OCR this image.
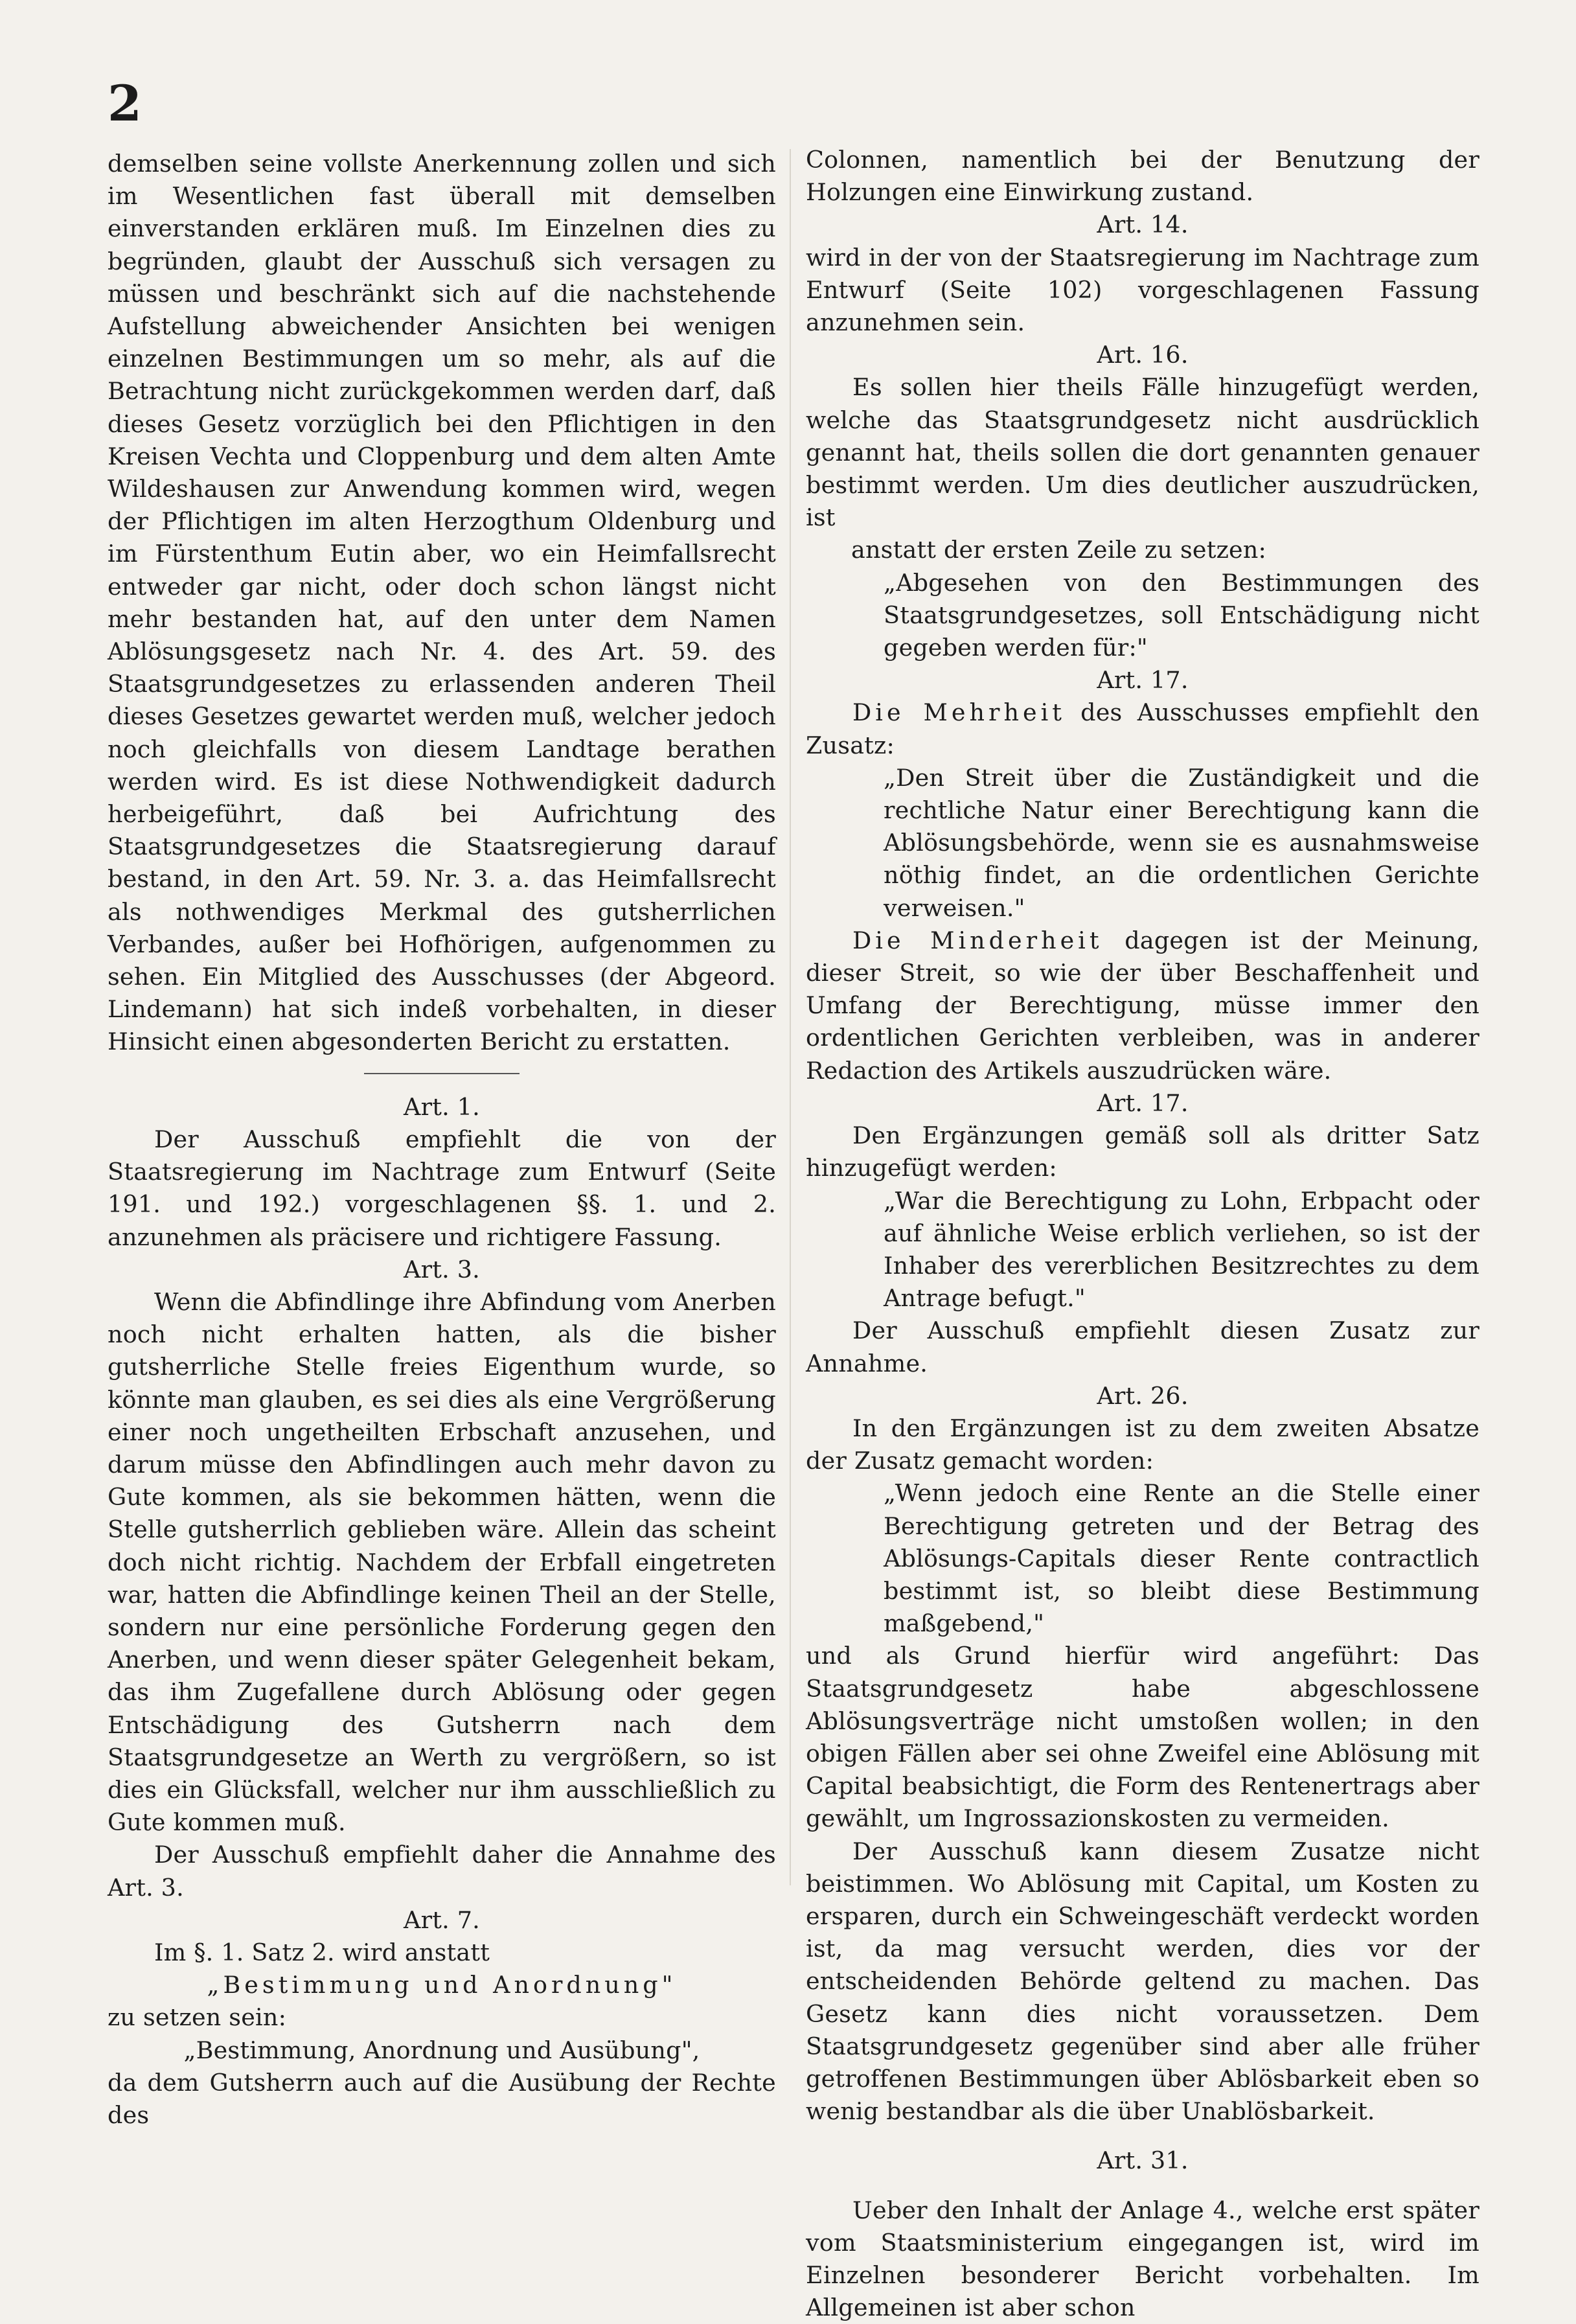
2

demselben seine vollste Anerkennung zollen und sich im Wesentlichen fast überall mit demselben einverstanden erklären muß. Im Einzelnen dies zu begründen, glaubt der Ausschuß sich versagen zu müssen und beschränkt sich auf die nachstehende Aufstellung abweichender Ansichten bei wenigen einzelnen Bestimmungen um so mehr, als auf die Betrachtung nicht zurückgekommen werden darf, daß dieses Gesetz vorzüglich bei den Pflichtigen in den Kreisen Vechta und Cloppenburg und dem alten Amte Wildeshausen zur Anwendung kommen wird, wegen der Pflichtigen im alten Herzogthum Oldenburg und im Fürstenthum Eutin aber, wo ein Heimfallsrecht entweder gar nicht, oder doch schon längst nicht mehr bestanden hat, auf den unter dem Namen Ablösungsgesetz nach Nr. 4. des Art. 59. des Staatsgrundgesetzes zu erlassenden anderen Theil dieses Gesetzes gewartet werden muß, welcher jedoch noch gleichfalls von diesem Landtage berathen werden wird. Es ist diese Nothwendigkeit dadurch herbeigeführt, daß bei Aufrichtung des Staatsgrundgesetzes die Staatsregierung darauf bestand, in den Art. 59. Nr. 3. a. das Heimfallsrecht als nothwendiges Merkmal des gutsherrlichen Verbandes, außer bei Hofhörigen, aufgenommen zu sehen. Ein Mitglied des Ausschusses (der Abgeord. Lindemann) hat sich indeß vorbehalten, in dieser Hinsicht einen abgesonderten Bericht zu erstatten.

Art. 1.

Der Ausschuß empfiehlt die von der Staatsregierung im Nachtrage zum Entwurf (Seite 191. und 192.) vorgeschlagenen §§. 1. und 2. anzunehmen als präcisere und richtigere Fassung.

Art. 3.

Wenn die Abfindlinge ihre Abfindung vom Anerben noch nicht erhalten hatten, als die bisher gutsherrliche Stelle freies Eigenthum wurde, so könnte man glauben, es sei dies als eine Vergrößerung einer noch ungetheilten Erbschaft anzusehen, und darum müsse den Abfindlingen auch mehr davon zu Gute kommen, als sie bekommen hätten, wenn die Stelle gutsherrlich geblieben wäre. Allein das scheint doch nicht richtig. Nachdem der Erbfall eingetreten war, hatten die Abfindlinge keinen Theil an der Stelle, sondern nur eine persönliche Forderung gegen den Anerben, und wenn dieser später Gelegenheit bekam, das ihm Zugefallene durch Ablösung oder gegen Entschädigung des Gutsherrn nach dem Staatsgrundgesetze an Werth zu vergrößern, so ist dies ein Glücksfall, welcher nur ihm ausschließlich zu Gute kommen muß.

Der Ausschuß empfiehlt daher die Annahme des Art. 3.

Art. 7.

Im §. 1. Satz 2. wird anstatt

„Bestimmung und Anordnung"

zu setzen sein:

„Bestimmung, Anordnung und Ausübung",

da dem Gutsherrn auch auf die Ausübung der Rechte des

Colonnen, namentlich bei der Benutzung der Holzungen eine Einwirkung zustand.

Art. 14.

wird in der von der Staatsregierung im Nachtrage zum Entwurf (Seite 102) vorgeschlagenen Fassung anzunehmen sein.

Art. 16.

Es sollen hier theils Fälle hinzugefügt werden, welche das Staatsgrundgesetz nicht ausdrücklich genannt hat, theils sollen die dort genannten genauer bestimmt werden. Um dies deutlicher auszudrücken, ist

anstatt der ersten Zeile zu setzen:

„Abgesehen von den Bestimmungen des Staatsgrundgesetzes, soll Entschädigung nicht gegeben werden für:"

Art. 17.

Die Mehrheit des Ausschusses empfiehlt den Zusatz:

„Den Streit über die Zuständigkeit und die rechtliche Natur einer Berechtigung kann die Ablösungsbehörde, wenn sie es ausnahmsweise nöthig findet, an die ordentlichen Gerichte verweisen."

Die Minderheit dagegen ist der Meinung, dieser Streit, so wie der über Beschaffenheit und Umfang der Berechtigung, müsse immer den ordentlichen Gerichten verbleiben, was in anderer Redaction des Artikels auszudrücken wäre.

Art. 17.

Den Ergänzungen gemäß soll als dritter Satz hinzugefügt werden:

„War die Berechtigung zu Lohn, Erbpacht oder auf ähnliche Weise erblich verliehen, so ist der Inhaber des vererblichen Besitzrechtes zu dem Antrage befugt."

Der Ausschuß empfiehlt diesen Zusatz zur Annahme.

Art. 26.

In den Ergänzungen ist zu dem zweiten Absatze der Zusatz gemacht worden:

„Wenn jedoch eine Rente an die Stelle einer Berechtigung getreten und der Betrag des Ablösungs-Capitals dieser Rente contractlich bestimmt ist, so bleibt diese Bestimmung maßgebend,"

und als Grund hierfür wird angeführt: Das Staatsgrundgesetz habe abgeschlossene Ablösungsverträge nicht umstoßen wollen; in den obigen Fällen aber sei ohne Zweifel eine Ablösung mit Capital beabsichtigt, die Form des Rentenertrags aber gewählt, um Ingrossazionskosten zu vermeiden.

Der Ausschuß kann diesem Zusatze nicht beistimmen. Wo Ablösung mit Capital, um Kosten zu ersparen, durch ein Schweingeschäft verdeckt worden ist, da mag versucht werden, dies vor der entscheidenden Behörde geltend zu machen. Das Gesetz kann dies nicht voraussetzen. Dem Staatsgrundgesetz gegenüber sind aber alle früher getroffenen Bestimmungen über Ablösbarkeit eben so wenig bestandbar als die über Unablösbarkeit.

Art. 31.

Ueber den Inhalt der Anlage 4., welche erst später vom Staatsministerium eingegangen ist, wird im Einzelnen besonderer Bericht vorbehalten. Im Allgemeinen ist aber schon
